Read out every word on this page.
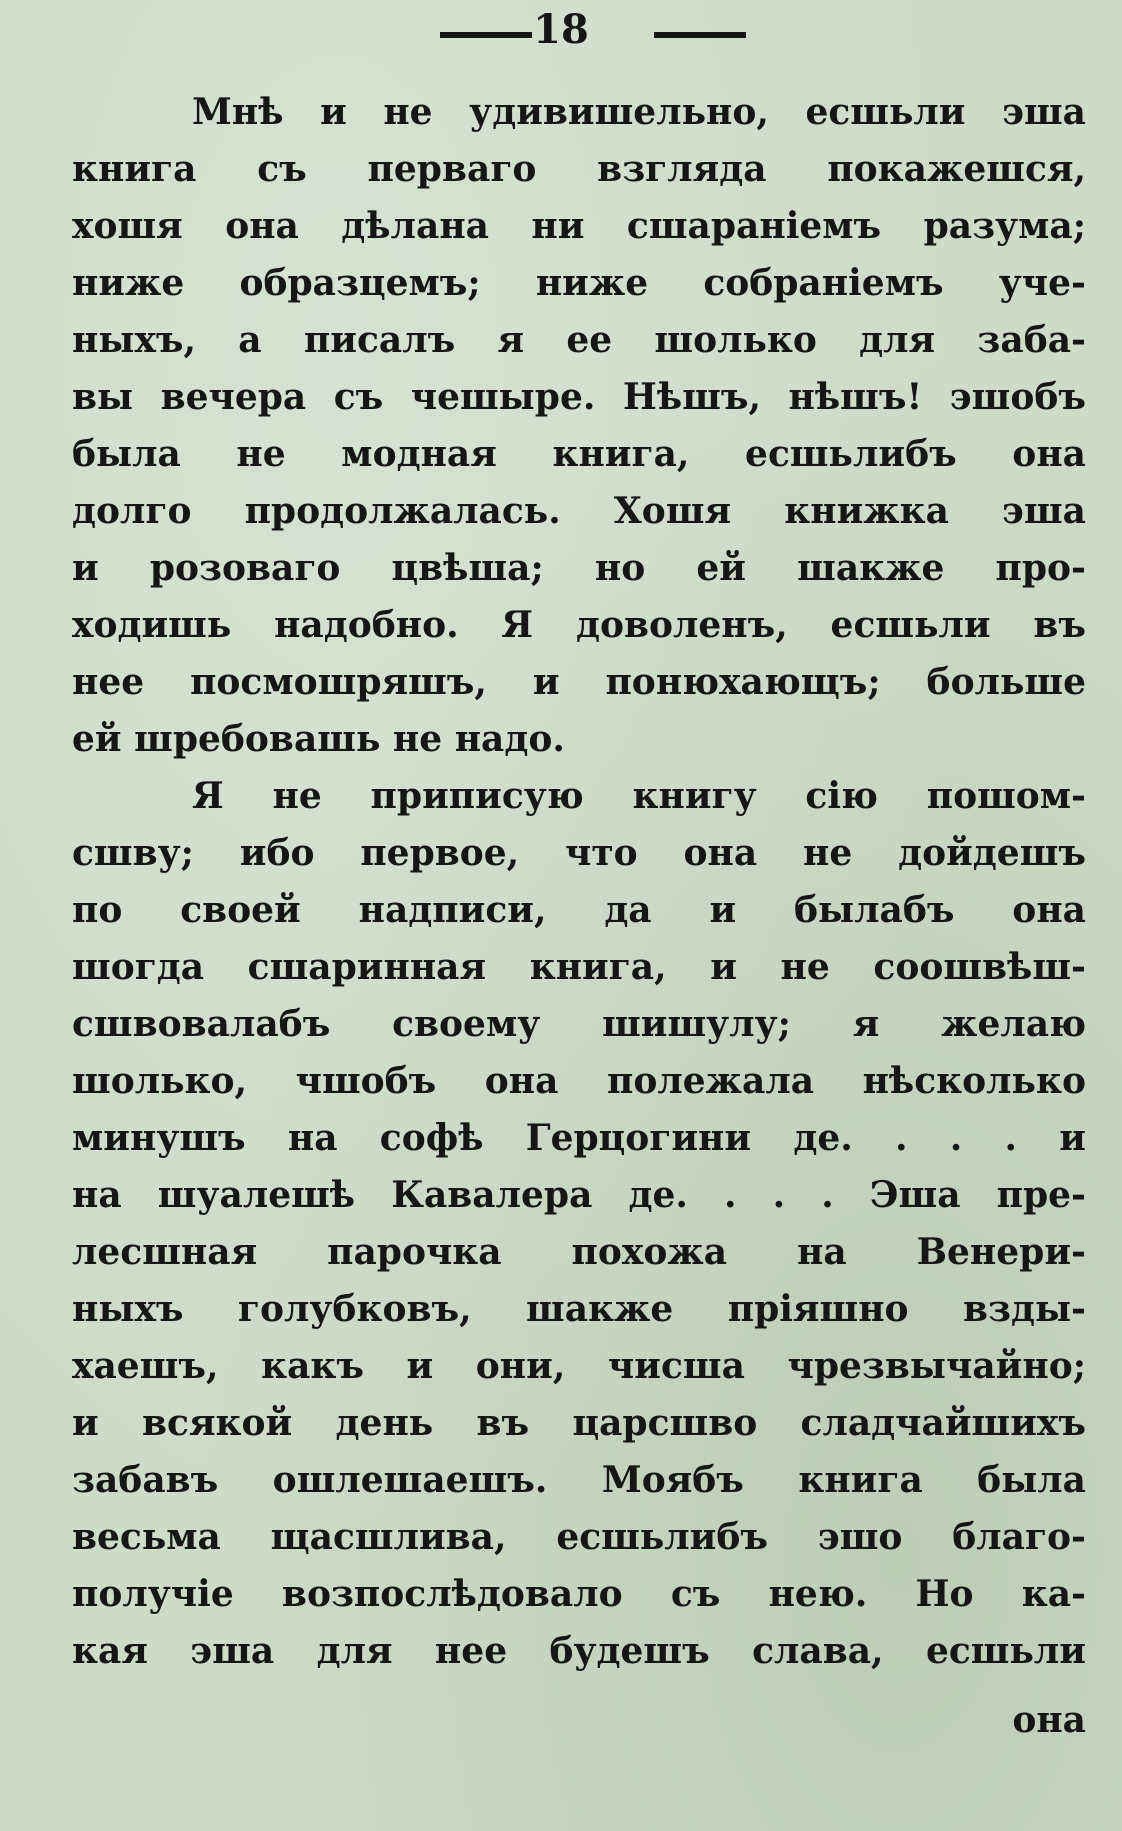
18
Мнѣ и не удивишельно, есшьли эша
книга съ перваго взгляда покажешся,
хошя она дѣлана ни сшараніемъ разума;
ниже образцемъ; ниже собраніемъ уче-
ныхъ, а писалъ я ее шолько для заба-
вы вечера съ чешыре. Нѣшъ, нѣшъ! эшобъ
была не модная книга, есшьлибъ она
долго продолжалась. Хошя книжка эша
и розоваго цвѣша; но ей шакже про-
ходишь надобно. Я доволенъ, есшьли въ
нее посмошряшъ, и понюхающъ; больше
ей шребовашь не надо.
Я не приписую книгу сію пошом-
сшву; ибо первое, что она не дойдешъ
по своей надписи, да и былабъ она
шогда сшаринная книга, и не соошвѣш-
сшвовалабъ своему шишулу; я желаю
шолько, чшобъ она полежала нѣсколько
минушъ на софѣ Герцогини де. . . . и
на шуалешѣ Кавалера де. . . . Эша пре-
лесшная парочка похожа на Венери-
ныхъ голубковъ, шакже пріяшно взды-
хаешъ, какъ и они, чисша чрезвычайно;
и всякой день въ царсшво сладчайшихъ
забавъ ошлешаешъ. Моябъ книга была
весьма щасшлива, есшьлибъ эшо благо-
получіе возпослѣдовало съ нею. Но ка-
кая эша для нее будешъ слава, есшьли
она
